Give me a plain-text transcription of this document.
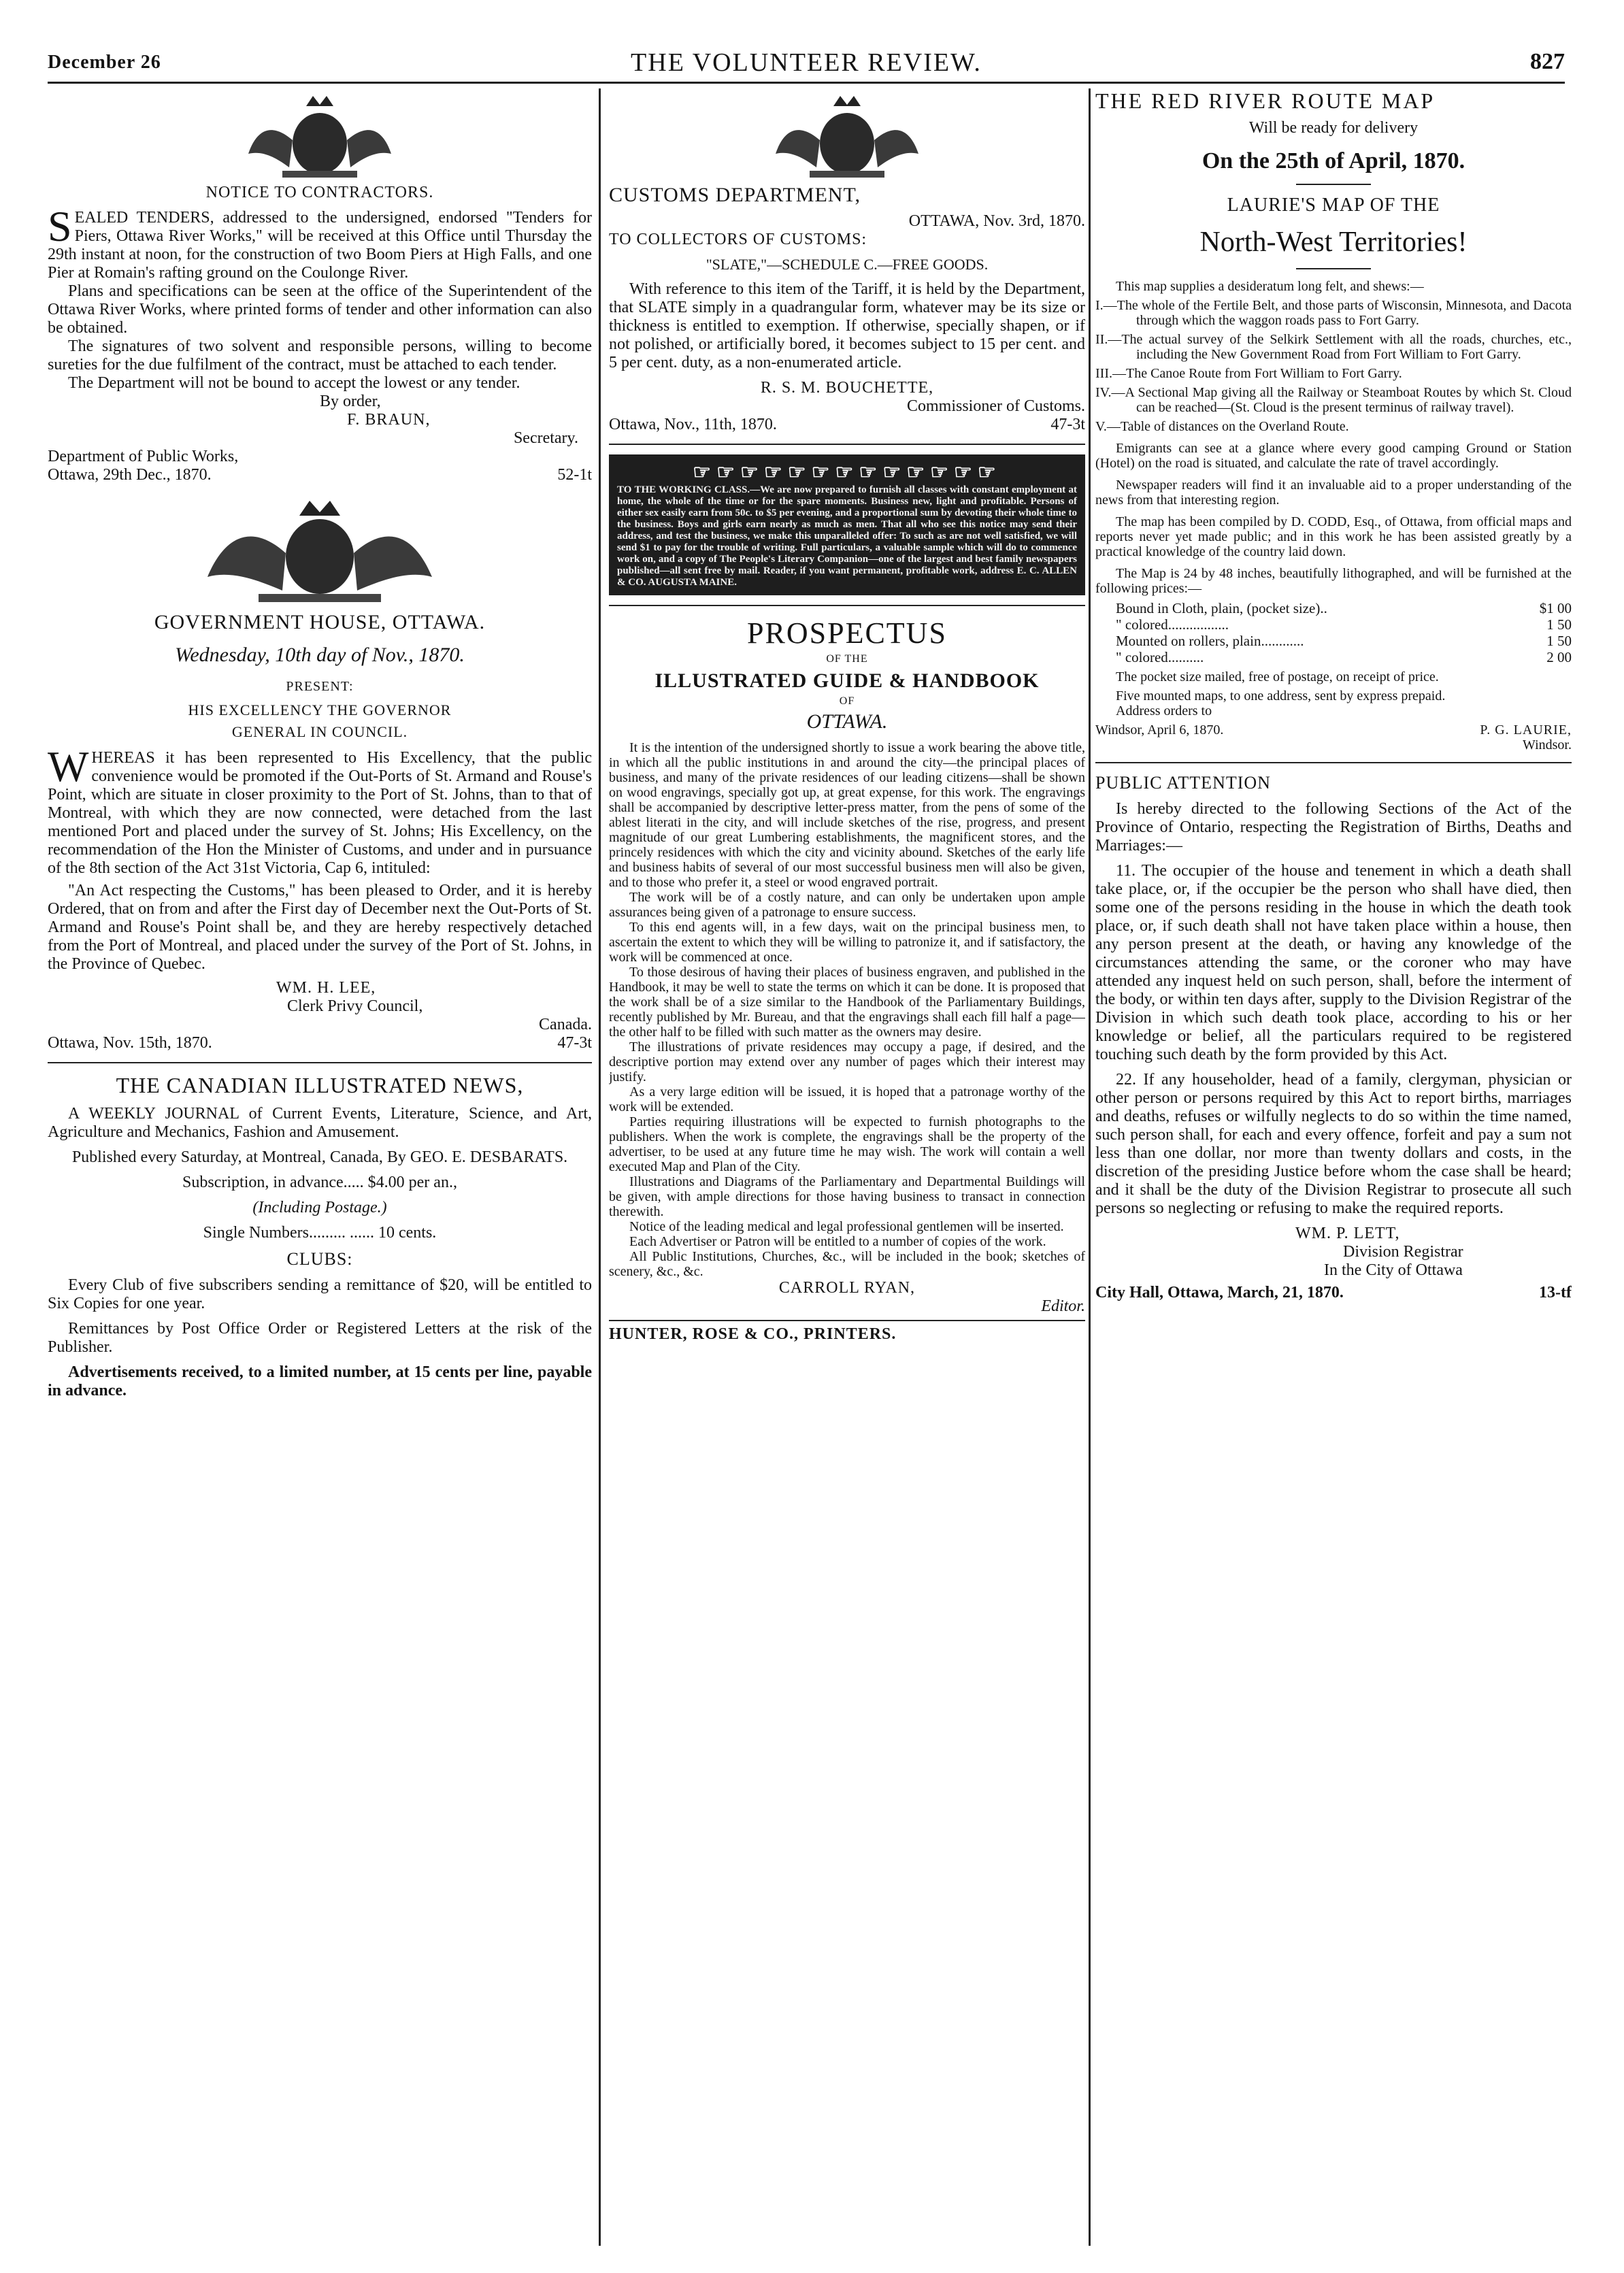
December 26	THE VOLUNTEER REVIEW.	827

NOTICE TO CONTRACTORS.

SEALED TENDERS, addressed to the undersigned, endorsed "Tenders for Piers, Ottawa River Works," will be received at this Office until Thursday the 29th instant at noon, for the construction of two Boom Piers at High Falls, and one Pier at Romain's rafting ground on the Coulonge River.

Plans and specifications can be seen at the office of the Superintendent of the Ottawa River Works, where printed forms of tender and other information can also be obtained.

The signatures of two solvent and responsible persons, willing to become sureties for the due fulfilment of the contract, must be attached to each tender.

The Department will not be bound to accept the lowest or any tender.

By order,

F. BRAUN,

Secretary.

Department of Public Works,

Ottawa, 29th Dec., 1870.	52-1t

GOVERNMENT HOUSE, OTTAWA.

Wednesday, 10th day of Nov., 1870.

PRESENT:

HIS EXCELLENCY THE GOVERNOR

GENERAL IN COUNCIL.

WHEREAS it has been represented to His Excellency, that the public convenience would be promoted if the Out-Ports of St. Armand and Rouse's Point, which are situate in closer proximity to the Port of St. Johns, than to that of Montreal, with which they are now connected, were detached from the last mentioned Port and placed under the survey of St. Johns; His Excellency, on the recommendation of the Hon the Minister of Customs, and under and in pursuance of the 8th section of the Act 31st Victoria, Cap 6, intituled:

"An Act respecting the Customs," has been pleased to Order, and it is hereby Ordered, that on from and after the First day of December next the Out-Ports of St. Armand and Rouse's Point shall be, and they are hereby respectively detached from the Port of Montreal, and placed under the survey of the Port of St. Johns, in the Province of Quebec.

WM. H. LEE,

Clerk Privy Council,

Canada.

Ottawa, Nov. 15th, 1870.	47-3t

THE CANADIAN ILLUSTRATED NEWS,

A WEEKLY JOURNAL of Current Events, Literature, Science, and Art, Agriculture and Mechanics, Fashion and Amusement.

Published every Saturday, at Montreal, Canada, By GEO. E. DESBARATS.

Subscription, in advance..... $4.00 per an.,

(Including Postage.)

Single Numbers......... ...... 10 cents.

CLUBS:

Every Club of five subscribers sending a remittance of $20, will be entitled to Six Copies for one year.

Remittances by Post Office Order or Registered Letters at the risk of the Publisher.

Advertisements received, to a limited number, at 15 cents per line, payable in advance.

CUSTOMS DEPARTMENT,

OTTAWA, Nov. 3rd, 1870.

TO COLLECTORS OF CUSTOMS:

"SLATE,"—SCHEDULE C.—FREE GOODS.

With reference to this item of the Tariff, it is held by the Department, that SLATE simply in a quadrangular form, whatever may be its size or thickness is entitled to exemption. If otherwise, specially shapen, or if not polished, or artificially bored, it becomes subject to 15 per cent. and 5 per cent. duty, as a non-enumerated article.

R. S. M. BOUCHETTE,

Commissioner of Customs.

Ottawa, Nov., 11th, 1870.	47-3t
☞☞☞☞☞☞☞☞☞☞☞☞☞

TO THE WORKING CLASS.—We are now prepared to furnish all classes with constant employment at home, the whole of the time or for the spare moments. Business new, light and profitable. Persons of either sex easily earn from 50c. to $5 per evening, and a proportional sum by devoting their whole time to the business. Boys and girls earn nearly as much as men. That all who see this notice may send their address, and test the business, we make this unparalleled offer: To such as are not well satisfied, we will send $1 to pay for the trouble of writing. Full particulars, a valuable sample which will do to commence work on, and a copy of The People's Literary Companion—one of the largest and best family newspapers published—all sent free by mail. Reader, if you want permanent, profitable work, address E. C. ALLEN & CO. AUGUSTA MAINE.

PROSPECTUS

OF THE

ILLUSTRATED GUIDE & HANDBOOK

OF

OTTAWA.

It is the intention of the undersigned shortly to issue a work bearing the above title, in which all the public institutions in and around the city—the principal places of business, and many of the private residences of our leading citizens—shall be shown on wood engravings, specially got up, at great expense, for this work. The engravings shall be accompanied by descriptive letter-press matter, from the pens of some of the ablest literati in the city, and will include sketches of the rise, progress, and present magnitude of our great Lumbering establishments, the magnificent stores, and the princely residences with which the city and vicinity abound. Sketches of the early life and business habits of several of our most successful business men will also be given, and to those who prefer it, a steel or wood engraved portrait.

The work will be of a costly nature, and can only be undertaken upon ample assurances being given of a patronage to ensure success.

To this end agents will, in a few days, wait on the principal business men, to ascertain the extent to which they will be willing to patronize it, and if satisfactory, the work will be commenced at once.

To those desirous of having their places of business engraven, and published in the Handbook, it may be well to state the terms on which it can be done. It is proposed that the work shall be of a size similar to the Handbook of the Parliamentary Buildings, recently published by Mr. Bureau, and that the engravings shall each fill half a page—the other half to be filled with such matter as the owners may desire.

The illustrations of private residences may occupy a page, if desired, and the descriptive portion may extend over any number of pages which their interest may justify.

As a very large edition will be issued, it is hoped that a patronage worthy of the work will be extended.

Parties requiring illustrations will be expected to furnish photographs to the publishers. When the work is complete, the engravings shall be the property of the advertiser, to be used at any future time he may wish. The work will contain a well executed Map and Plan of the City.

Illustrations and Diagrams of the Parliamentary and Departmental Buildings will be given, with ample directions for those having business to transact in connection therewith.

Notice of the leading medical and legal professional gentlemen will be inserted.

Each Advertiser or Patron will be entitled to a number of copies of the work.

All Public Institutions, Churches, &c., will be included in the book; sketches of scenery, &c., &c.

CARROLL RYAN,

Editor.

HUNTER, ROSE & CO., PRINTERS.

THE RED RIVER ROUTE MAP

Will be ready for delivery

On the 25th of April, 1870.

LAURIE'S MAP OF THE

North-West Territories!

This map supplies a desideratum long felt, and shews:—

I.—The whole of the Fertile Belt, and those parts of Wisconsin, Minnesota, and Dacota through which the waggon roads pass to Fort Garry.

II.—The actual survey of the Selkirk Settlement with all the roads, churches, etc., including the New Government Road from Fort William to Fort Garry.

III.—The Canoe Route from Fort William to Fort Garry.

IV.—A Sectional Map giving all the Railway or Steamboat Routes by which St. Cloud can be reached—(St. Cloud is the present terminus of railway travel).

V.—Table of distances on the Overland Route.

Emigrants can see at a glance where every good camping Ground or Station (Hotel) on the road is situated, and calculate the rate of travel accordingly.

Newspaper readers will find it an invaluable aid to a proper understanding of the news from that interesting region.

The map has been compiled by D. CODD, Esq., of Ottawa, from official maps and reports never yet made public; and in this work he has been assisted greatly by a practical knowledge of the country laid down.

The Map is 24 by 48 inches, beautifully lithographed, and will be furnished at the following prices:—

Bound in Cloth, plain, (pocket size)..	$1 00
" colored.................	1 50
Mounted on rollers, plain............	1 50
" colored..........	2 00

The pocket size mailed, free of postage, on receipt of price.

Five mounted maps, to one address, sent by express prepaid.

Address orders to

Windsor, April 6, 1870.	P. G. LAURIE,

Windsor.

PUBLIC ATTENTION

Is hereby directed to the following Sections of the Act of the Province of Ontario, respecting the Registration of Births, Deaths and Marriages:—

11. The occupier of the house and tenement in which a death shall take place, or, if the occupier be the person who shall have died, then some one of the persons residing in the house in which the death took place, or, if such death shall not have taken place within a house, then any person present at the death, or having any knowledge of the circumstances attending the same, or the coroner who may have attended any inquest held on such person, shall, before the interment of the body, or within ten days after, supply to the Division Registrar of the Division in which such death took place, according to his or her knowledge or belief, all the particulars required to be registered touching such death by the form provided by this Act.

22. If any householder, head of a family, clergyman, physician or other person or persons required by this Act to report births, marriages and deaths, refuses or wilfully neglects to do so within the time named, such person shall, for each and every offence, forfeit and pay a sum not less than one dollar, nor more than twenty dollars and costs, in the discretion of the presiding Justice before whom the case shall be heard; and it shall be the duty of the Division Registrar to prosecute all such persons so neglecting or refusing to make the required reports.

WM. P. LETT,

Division Registrar

In the City of Ottawa

City Hall, Ottawa, March, 21, 1870.	13-tf
